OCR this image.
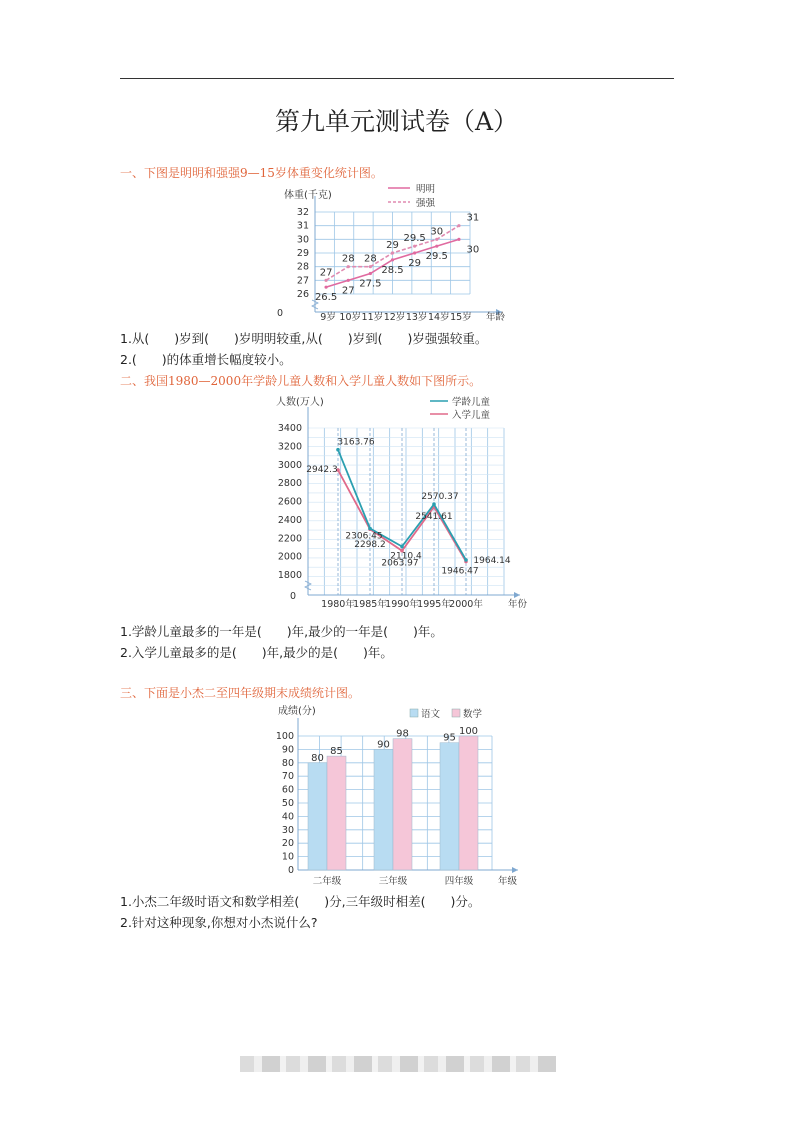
第九单元测试卷（A）
一、下图是明明和强强9—15岁体重变化统计图。
26
27
28
29
30
31
32
0
体重(千克)
年龄
9岁 10岁 11岁 12岁 13岁 14岁 15岁
明明
强强
26.5
27
27.5
28.5
29
29.5
30
27
28 28
29
29.5
30
31
1.从(　　)岁到(　　)岁明明较重,从(　　)岁到(　　)岁强强较重。
2.(　　)的体重增长幅度较小。
二、我国1980—2000年学龄儿童人数和入学儿童人数如下图所示。
1800
2000
2200
2400
2600
2800
3000
3200
3400
0
人数(万人)
年份
1980年
1985年
1990年
1995年
2000年
学龄儿童
入学儿童
3163.76
2306.45
2110.4
2570.37
1964.14
2942.3
2298.2
2063.97
2541.61
1946.47
1.学龄儿童最多的一年是(　　)年,最少的一年是(　　)年。
2.入学儿童最多的是(　　)年,最少的是(　　)年。
三、下面是小杰二至四年级期末成绩统计图。
0
10
20
30
40
50
60
70
80
90
100
成绩(分)
年级
语文 数学
80
85
二年级
90
98
三年级
95
100
四年级
1.小杰二年级时语文和数学相差(　　)分,三年级时相差(　　)分。
2.针对这种现象,你想对小杰说什么?
